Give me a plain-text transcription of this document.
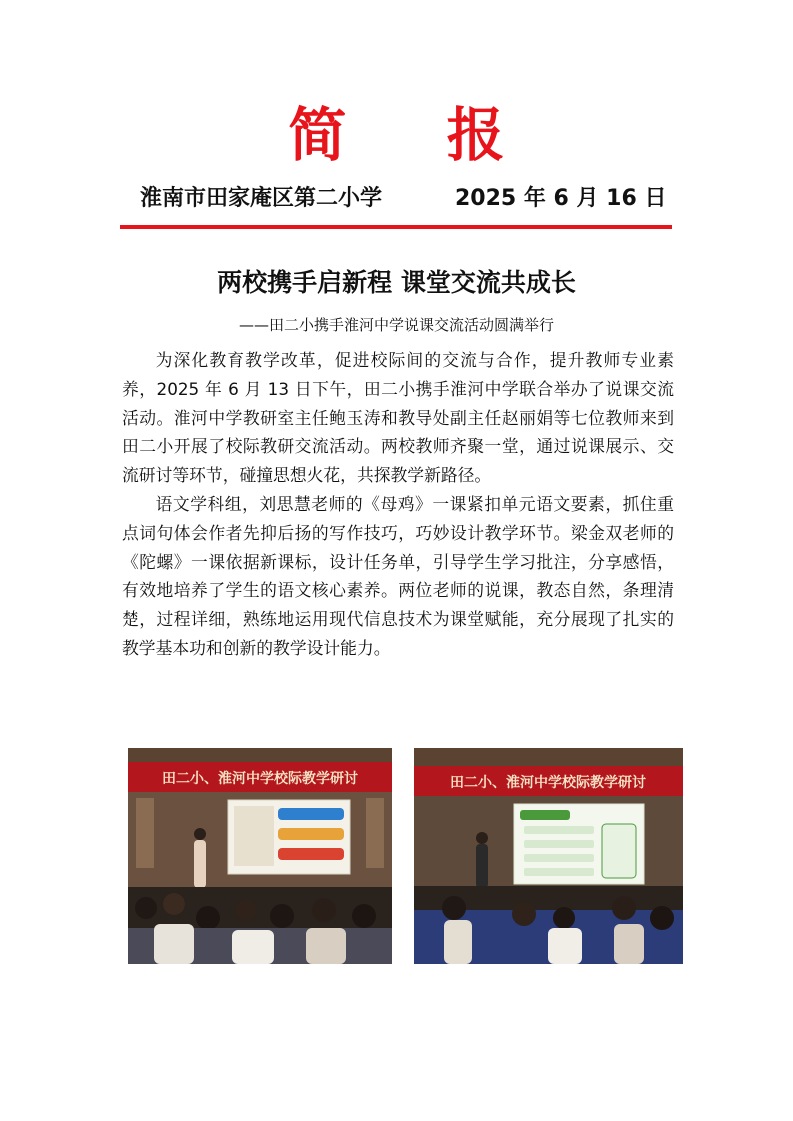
简 报
淮南市田家庵区第二小学	2025 年 6 月 16 日
两校携手启新程 课堂交流共成长
——田二小携手淮河中学说课交流活动圆满举行

为深化教育教学改革，促进校际间的交流与合作，提升教师专业素养，2025 年 6 月 13 日下午，田二小携手淮河中学联合举办了说课交流活动。淮河中学教研室主任鲍玉涛和教导处副主任赵丽娟等七位教师来到田二小开展了校际教研交流活动。两校教师齐聚一堂，通过说课展示、交流研讨等环节，碰撞思想火花，共探教学新路径。

语文学科组，刘思慧老师的《母鸡》一课紧扣单元语文要素，抓住重点词句体会作者先抑后扬的写作技巧，巧妙设计教学环节。梁金双老师的《陀螺》一课依据新课标，设计任务单，引导学生学习批注，分享感悟，有效地培养了学生的语文核心素养。两位老师的说课，教态自然，条理清楚，过程详细，熟练地运用现代信息技术为课堂赋能，充分展现了扎实的教学基本功和创新的教学设计能力。

田二小、淮河中学校际教学研讨	田二小、淮河中学校际教学研讨
